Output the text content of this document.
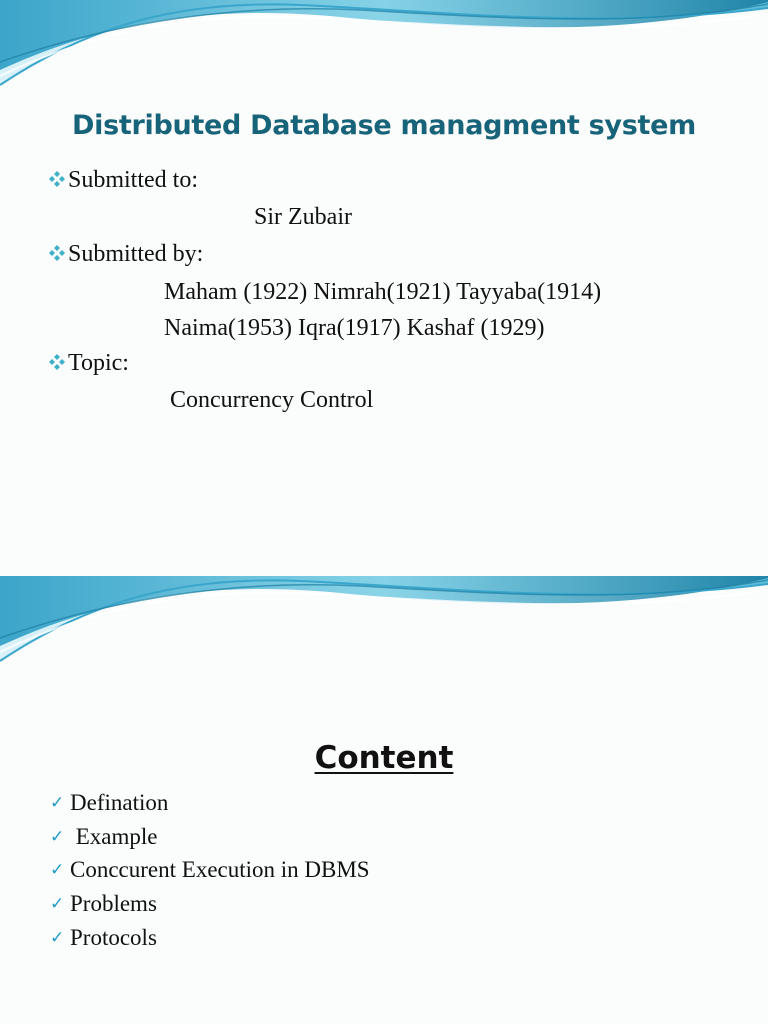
Distributed Database managment system
Submitted to:
Sir Zubair
Submitted by:
Maham (1922) Nimrah(1921) Tayyaba(1914)
Naima(1953) Iqra(1917) Kashaf (1929)
Topic:
Concurrency Control
Content
✓ Defination
✓ Example
✓ Conccurent Execution in DBMS
✓ Problems
✓ Protocols
